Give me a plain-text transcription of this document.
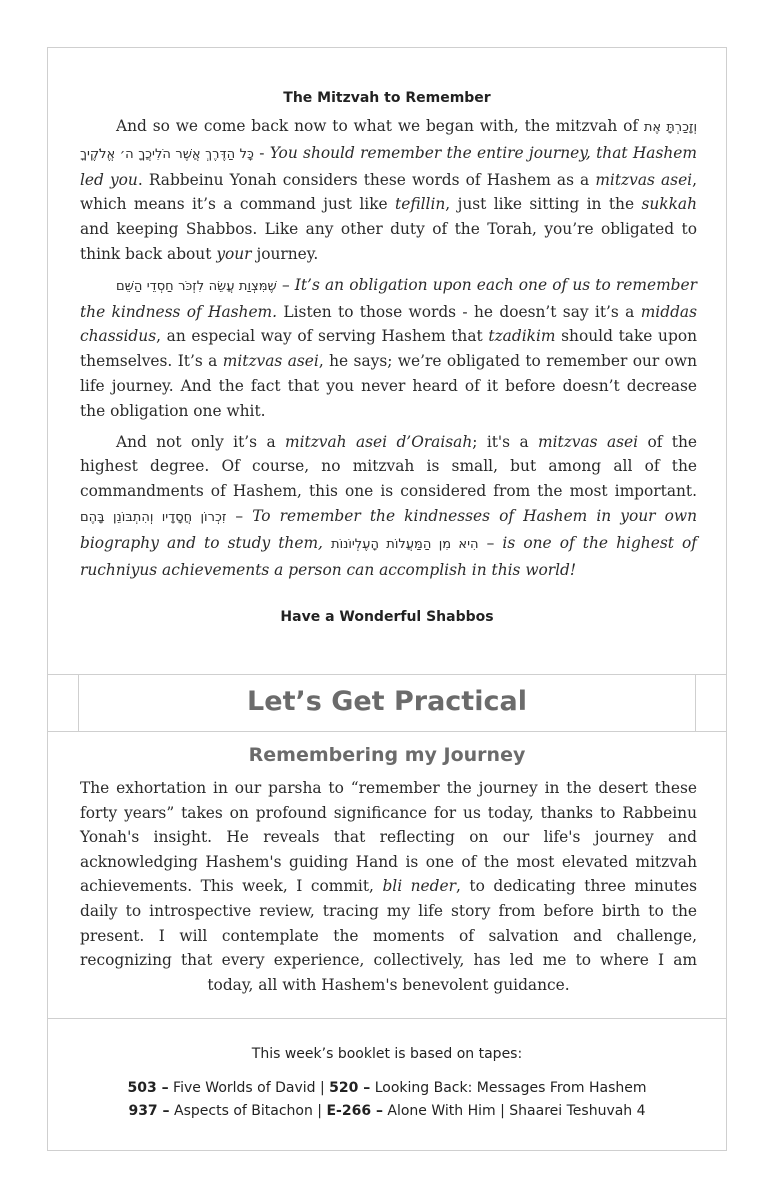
The Mitzvah to Remember

And so we come back now to what we began with, the mitzvah of וְזָכַרְתָּ אֶת כָּל הַדֶּרֶךְ אֲשֶׁר הֹלִיכֲךָ ה׳ אֱלֹקֶיךָ - You should remember the entire journey, that Hashem led you. Rabbeinu Yonah considers these words of Hashem as a mitzvas asei, which means it’s a command just like tefillin, just like sitting in the sukkah and keeping Shabbos. Like any other duty of the Torah, you’re obligated to think back about your journey.

שֶׁמִּצְוַת עֲשֵׂה לִזְכֹּר חַסְדֵי הַשֵּׁם – It’s an obligation upon each one of us to remember the kindness of Hashem. Listen to those words - he doesn’t say it’s a middas chassidus, an especial way of serving Hashem that tzadikim should take upon themselves. It’s a mitzvas asei, he says; we’re obligated to remember our own life journey. And the fact that you never heard of it before doesn’t decrease the obligation one whit.

And not only it’s a mitzvah asei d’Oraisah; it's a mitzvas asei of the highest degree. Of course, no mitzvah is small, but among all of the commandments of Hashem, this one is considered from the most important. זִכְרוֹן חֲסָדָיו וְהִתְבּוֹנֵן בָּהֶם – To remember the kindnesses of Hashem in your own biography and to study them, הִיא מִן הַמַּעֲלוֹת הָעֶלְיוֹנוֹת – is one of the highest of ruchniyus achievements a person can accomplish in this world!

Have a Wonderful Shabbos
Let’s Get Practical
Remembering my Journey

The exhortation in our parsha to “remember the journey in the desert these forty years” takes on profound significance for us today, thanks to Rabbeinu Yonah's insight. He reveals that reflecting on our life's journey and acknowledging Hashem's guiding Hand is one of the most elevated mitzvah achievements. This week, I commit, bli neder, to dedicating three minutes daily to introspective review, tracing my life story from before birth to the present. I will contemplate the moments of salvation and challenge, recognizing that every experience, collectively, has led me to where I am today, all with Hashem's benevolent guidance.

This week’s booklet is based on tapes:

503 – Five Worlds of David | 520 – Looking Back: Messages From Hashem

937 – Aspects of Bitachon | E-266 – Alone With Him | Shaarei Teshuvah 4
